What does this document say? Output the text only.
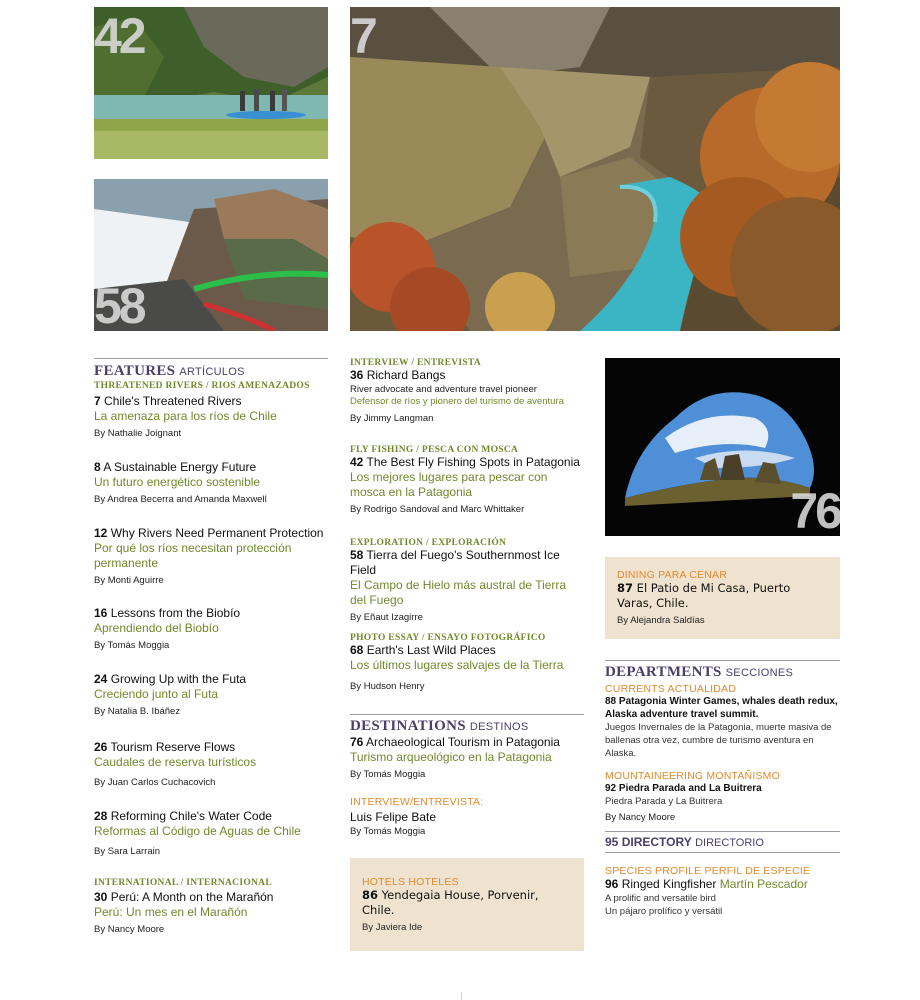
42
58
7
76
FEATURES ARTÍCULOS
THREATENED RIVERS / RIOS AMENAZADOS
7 Chile's Threatened Rivers
La amenaza para los ríos de Chile
By Nathalie Joignant
8 A Sustainable Energy Future
Un futuro energético sostenible
By Andrea Becerra and Amanda Maxwell
12 Why Rivers Need Permanent Protection
Por qué los ríos necesitan protección permanente
By Monti Aguirre
16 Lessons from the Biobío
Aprendiendo del Biobío
By Tomás Moggia
24 Growing Up with the Futa
Creciendo junto al Futa
By Natalia B. Ibáñez
26 Tourism Reserve Flows
Caudales de reserva turísticos
By Juan Carlos Cuchacovich
28 Reforming Chile's Water Code
Reformas al Código de Aguas de Chile
By Sara Larrain
INTERNATIONAL / INTERNACIONAL
30 Perú: A Month on the Marañón
Perú: Un mes en el Marañón
By Nancy Moore
INTERVIEW / ENTREVISTA
36 Richard Bangs
River advocate and adventure travel pioneer
Defensor de ríos y pionero del turismo de aventura
By Jimmy Langman
FLY FISHING / PESCA CON MOSCA
42 The Best Fly Fishing Spots in Patagonia
Los mejores lugares para pescar con mosca en la Patagonia
By Rodrigo Sandoval and Marc Whittaker
EXPLORATION / EXPLORACIÓN
58 Tierra del Fuego's Southernmost Ice Field
El Campo de Hielo más austral de Tierra del Fuego
By Eñaut Izagirre
PHOTO ESSAY / ENSAYO FOTOGRÁFICO
68 Earth's Last Wild Places
Los últimos lugares salvajes de la Tierra
By Hudson Henry
DESTINATIONS DESTINOS
76 Archaeological Tourism in Patagonia
Turismo arqueológico en la Patagonia
By Tomás Moggia
INTERVIEW/ENTREVISTA:
Luis Felipe Bate
By Tomás Moggia
HOTELS HOTELES
86 Yendegaia House, Porvenir, Chile.
By Javiera Ide
DINING PARA CENAR
87 El Patio de Mi Casa, Puerto Varas, Chile.
By Alejandra Saldías
DEPARTMENTS SECCIONES
CURRENTS ACTUALIDAD
88 Patagonia Winter Games, whales death redux, Alaska adventure travel summit.
Juegos Invernales de la Patagonia, muerte masiva de ballenas otra vez, cumbre de turismo aventura en Alaska.
MOUNTAINEERING MONTAÑISMO
92 Piedra Parada and La Buitrera
Piedra Parada y La Buitrera
By Nancy Moore
95 DIRECTORY DIRECTORIO
SPECIES PROFILE PERFIL DE ESPECIE
96 Ringed Kingfisher Martín Pescador
A prolific and versatile bird
Un pájaro prolífico y versátil
